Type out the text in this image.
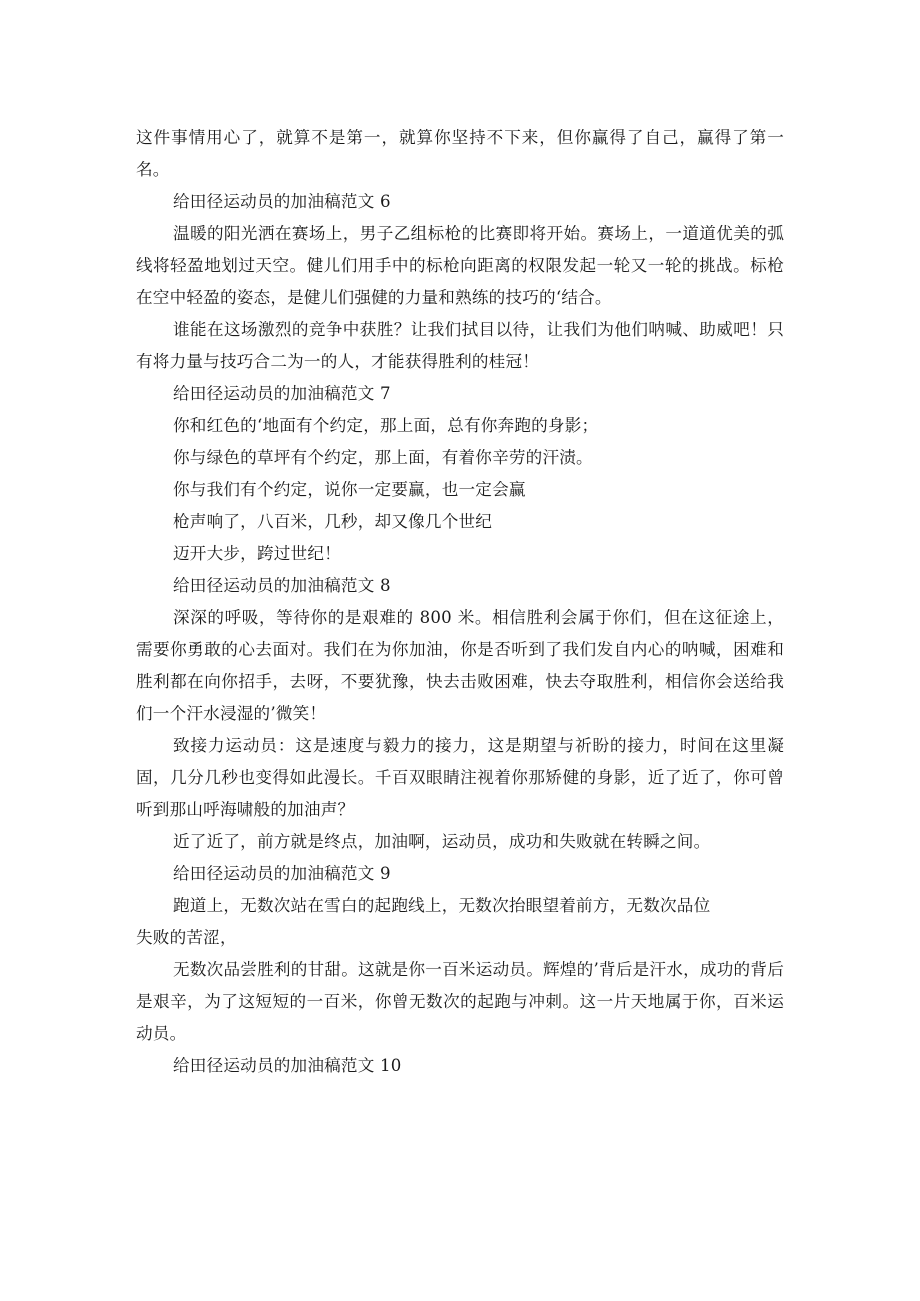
这件事情用心了，就算不是第一，就算你坚持不下来，但你赢得了自己，赢得了第一名。

给田径运动员的加油稿范文 6

温暖的阳光洒在赛场上，男子乙组标枪的比赛即将开始。赛场上，一道道优美的弧线将轻盈地划过天空。健儿们用手中的标枪向距离的权限发起一轮又一轮的挑战。标枪在空中轻盈的姿态，是健儿们强健的力量和熟练的技巧的‘结合。

谁能在这场激烈的竞争中获胜？让我们拭目以待，让我们为他们呐喊、助威吧！只有将力量与技巧合二为一的人，才能获得胜利的桂冠！

给田径运动员的加油稿范文 7

你和红色的‘地面有个约定，那上面，总有你奔跑的身影；

你与绿色的草坪有个约定，那上面，有着你辛劳的汗渍。

你与我们有个约定，说你一定要赢，也一定会赢

枪声响了，八百米，几秒，却又像几个世纪

迈开大步，跨过世纪！

给田径运动员的加油稿范文 8

深深的呼吸，等待你的是艰难的 800 米。相信胜利会属于你们，但在这征途上，需要你勇敢的心去面对。我们在为你加油，你是否听到了我们发自内心的呐喊，困难和胜利都在向你招手，去呀，不要犹豫，快去击败困难，快去夺取胜利，相信你会送给我们一个汗水浸湿的’微笑！

致接力运动员：这是速度与毅力的接力，这是期望与祈盼的接力，时间在这里凝固，几分几秒也变得如此漫长。千百双眼睛注视着你那矫健的身影，近了近了，你可曾听到那山呼海啸般的加油声？

近了近了，前方就是终点，加油啊，运动员，成功和失败就在转瞬之间。

给田径运动员的加油稿范文 9

跑道上，无数次站在雪白的起跑线上，无数次抬眼望着前方，无数次品位

失败的苦涩，

无数次品尝胜利的甘甜。这就是你一百米运动员。辉煌的’背后是汗水，成功的背后是艰辛，为了这短短的一百米，你曾无数次的起跑与冲刺。这一片天地属于你，百米运动员。

给田径运动员的加油稿范文 10
